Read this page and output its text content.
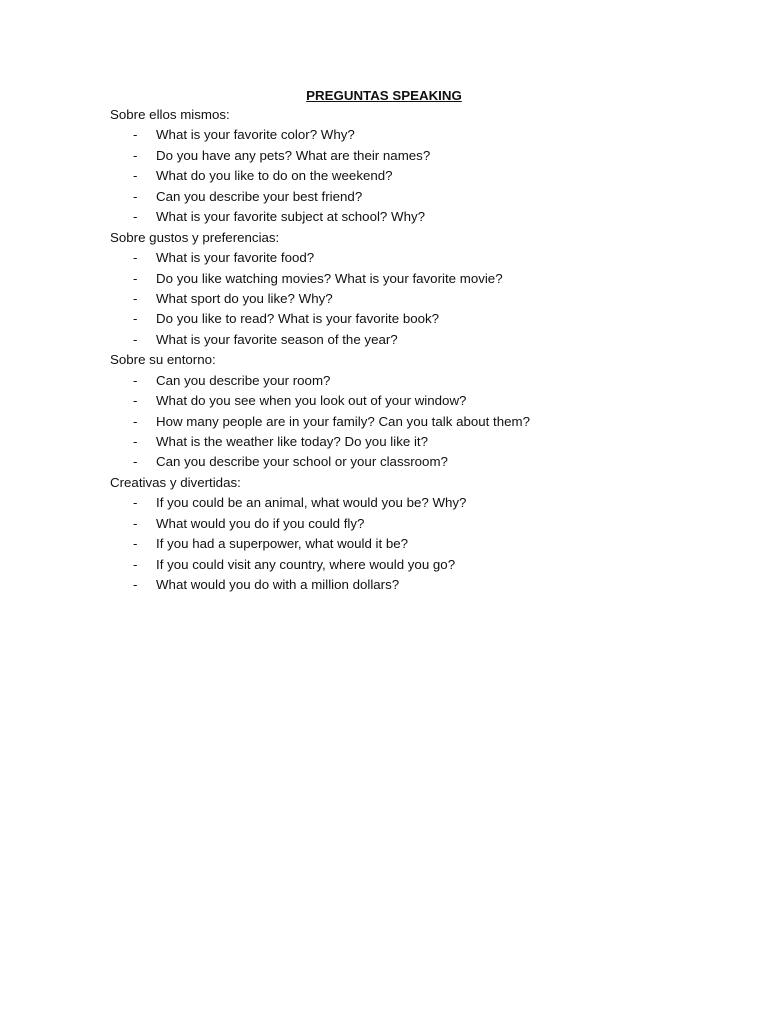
PREGUNTAS SPEAKING
Sobre ellos mismos:
- What is your favorite color? Why?
- Do you have any pets? What are their names?
- What do you like to do on the weekend?
- Can you describe your best friend?
- What is your favorite subject at school? Why?
Sobre gustos y preferencias:
- What is your favorite food?
- Do you like watching movies? What is your favorite movie?
- What sport do you like? Why?
- Do you like to read? What is your favorite book?
- What is your favorite season of the year?
Sobre su entorno:
- Can you describe your room?
- What do you see when you look out of your window?
- How many people are in your family? Can you talk about them?
- What is the weather like today? Do you like it?
- Can you describe your school or your classroom?
Creativas y divertidas:
- If you could be an animal, what would you be? Why?
- What would you do if you could fly?
- If you had a superpower, what would it be?
- If you could visit any country, where would you go?
- What would you do with a million dollars?
